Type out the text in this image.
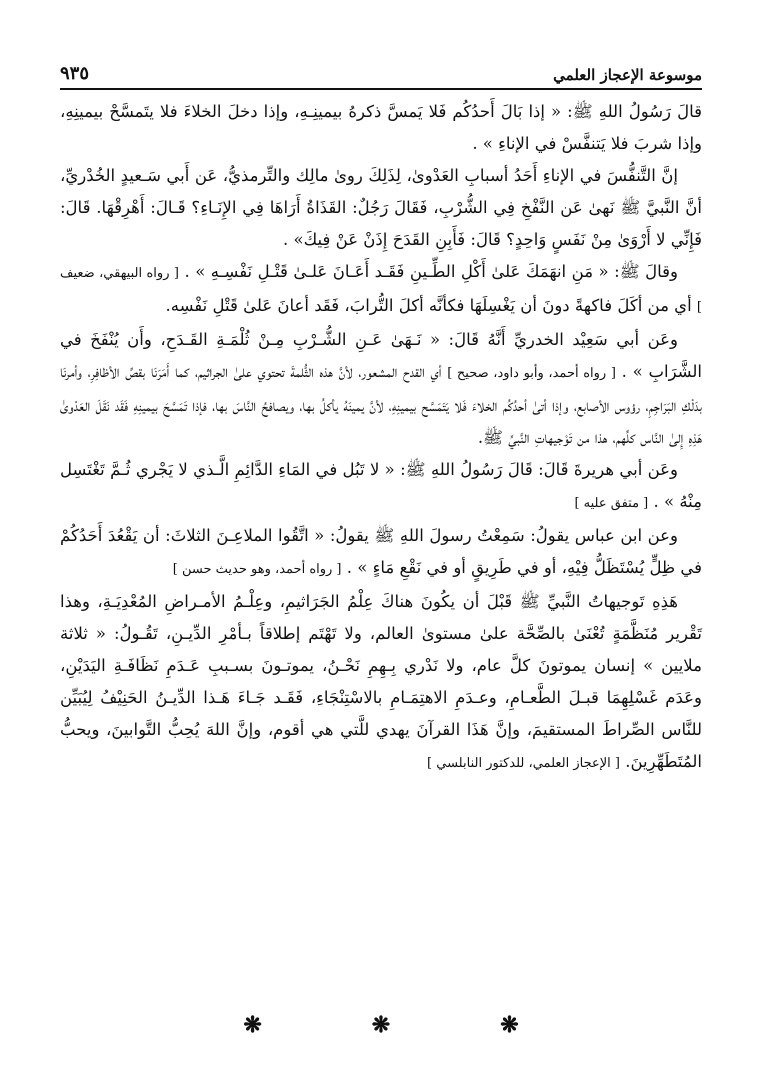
موسوعة الإعجاز العلمي
٩٣٥

قالَ رَسُولُ اللهِ ﷺ: « إذا بَالَ أَحدُكُم فَلا يَمسَّ ذكرهُ بيمينِـهِ، وإذا دخلَ الخلاءَ فلا يتَمسَّحْ بيمينِهِ، وإذا شربَ فلا يَتنفَّسْ في الإناءِ » .

إنَّ التَّنفُّسَ في الإناءِ أَحَدُ أسبابِ العَدْوىٰ، لِذَلِكَ روىٰ مالِك والتِّرمذيُّ، عَن أَبي سَـعيدٍ الخُدْريِّ، أنَّ النَّبيَّ ﷺ نَهىٰ عَن النَّفْخِ فِي الشُّرْبِ، فَقَالَ رَجُلٌ: القَذَاةُ أَرَاهَا فِي الإِنَـاءِ؟ قَـالَ: أَهْرِقْهَا. قَالَ: فَإِنِّي لا أَرْوَىٰ مِنْ نَفَسٍ وَاحِدٍ؟ قَالَ: فَأَبِنِ القَدَحَ إِذَنْ عَنْ فِيكَ» .

وقالَ ﷺ: « مَنِ انهَمَكَ عَلىٰ أَكْلِ الطِّـينِ فَقَـد أَعَـانَ عَلـىٰ قَتْـلِ نَفْسِـهِ » . [ رواه البيهقي، ضعيف ] أي من أكَلَ فاكهةً دونَ أن يَغْسِلَهَا فكأنَّه أكلَ التُّرابَ، فَقَد أعانَ عَلىٰ قَتْلِ نَفْسِه.

وعَن أبي سَعِيْد الخدريِّ أَنَّهُ قَالَ: « نَـهَىٰ عَـنِ الشُّـرْبِ مِـنْ ثُلْمَـةِ القَـدَحِ، وأَن يُنْفَخَ في الشَّرَابِ » . [ رواه أحمد، وأبو داود، صحيح ] أي القدح المشعور، لأنَّ هذه الثُّلمةَ تحتوي علىٰ الجراثيم، كما أَمَرَنَا بقصِّ الأظافِرِ، وأمرنَا بدَلْكِ البَرَاجِمِ، رؤوس الأصابع، وإذا أتىٰ أحدُكُم الخلاءَ فَلا يَتَمَسَّح بيمينِهِ، لأنَّ يمينَهُ يأكلُ بها، ويصافحُ النَّاسَ بها، فإذا تَمَسَّحَ بيمينِهِ فَقَد نَقَلَ العَدْوىٰ هَذِهِ إِلىٰ النَّاس كلِّهم، هذا من تَوْجيهاتِ النَّبيِّ ﷺ.

وعَن أبي هريرةَ قَالَ: قَالَ رَسُولُ اللهِ ﷺ: « لا تَبُل في المَاءِ الدَّائِمِ الَّـذي لا يَجْري ثُـمَّ تَغْتَسِل مِنْهُ » . [ متفق عليه ]

وعن ابن عباس يقولُ: سَمِعْتُ رسولَ اللهِ ﷺ يقولُ: « اتَّقُوا الملاعِـنَ الثلاثَ: أن يَقْعُدَ أَحَدُكُمْ في ظِلٍّ يُسْتَظَلُّ فِيْهِ، أو في طَرِيقٍ أو في نَقْعِ مَاءٍ » . [ رواه أحمد، وهو حديث حسن ]

هَذِهِ تَوجيهاتُ النَّبيِّ ﷺ قَبْلَ أن يكُونَ هناكَ عِلْمُ الجَرَاثيمِ، وعِلْـمُ الأمـراضِ المُعْدِيَـةِ، وهذا تَقْرير مُنَظَّمَةٍ تُعْنَىٰ بالصِّحَّة علىٰ مستوىٰ العالم، ولا تَهْتَم إطلاقاً بـأمْرِ الدِّيـنِ، تَقُـولُ: « ثلاثة ملايين » إنسان يموتونَ كلَّ عام، ولا نَدْري بِـهِمِ نَحْـنُ، يموتـونَ بسـببِ عَـدَمِ نَظَافَـةِ اليَدَيْنِ، وعَدَم غَسْلِهِمَا قبـلَ الطَّعـامِ، وعـدَمِ الاهتِمَـامِ بالاسْتِنْجَاءِ، فَقَـد جَـاءَ هَـذا الدِّيـنُ الحَنِيْفُ لِيُبَيِّن للنَّاس الصِّراطَ المستقيمَ، وإنَّ هَذَا القرآنَ يهدي للَّتي هي أقوم، وإنَّ اللهَ يُحِبُّ التَّوابينَ، ويحبُّ المُتَطَهِّرِينَ. [ الإعجاز العلمي، للدكتور النابلسي ]

❋	❋	❋
